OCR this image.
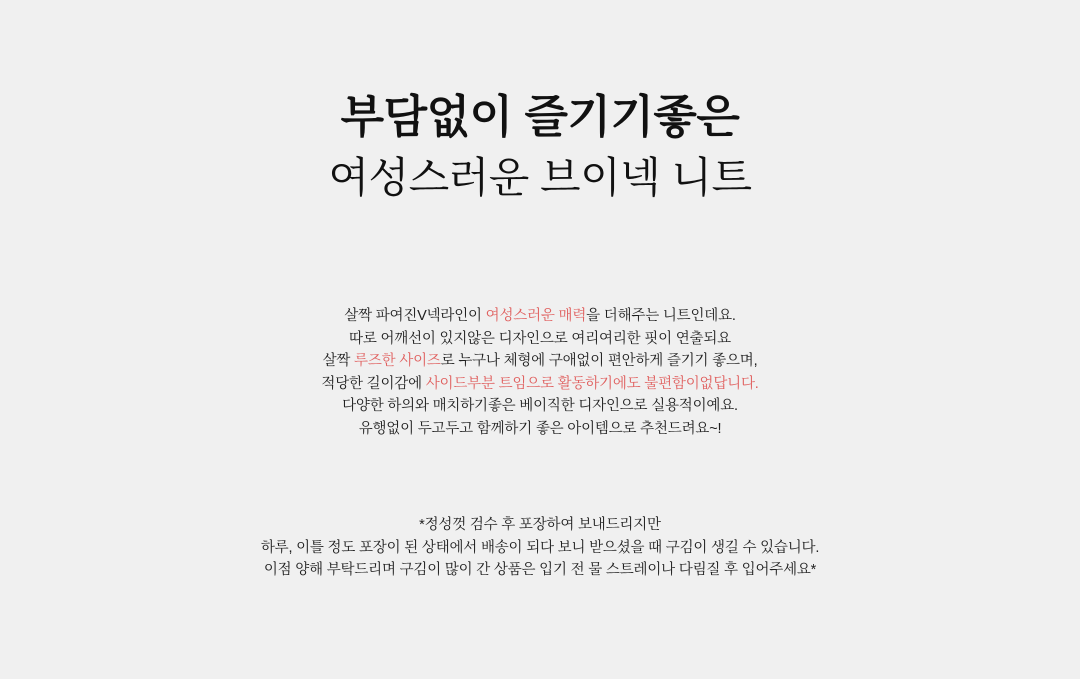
부담없이 즐기기좋은
여성스러운 브이넥 니트

살짝 파여진V넥라인이 여성스러운 매력을 더해주는 니트인데요.

따로 어깨선이 있지않은 디자인으로 여리여리한 핏이 연출되요

살짝 루즈한 사이즈로 누구나 체형에 구애없이 편안하게 즐기기 좋으며,

적당한 길이감에 사이드부분 트임으로 활동하기에도 불편함이없답니다.

다양한 하의와 매치하기좋은 베이직한 디자인으로 실용적이예요.

유행없이 두고두고 함께하기 좋은 아이템으로 추천드려요~!

*정성껏 검수 후 포장하여 보내드리지만

하루, 이틀 정도 포장이 된 상태에서 배송이 되다 보니 받으셨을 때 구김이 생길 수 있습니다.

이점 양해 부탁드리며 구김이 많이 간 상품은 입기 전 물 스트레이나 다림질 후 입어주세요*
